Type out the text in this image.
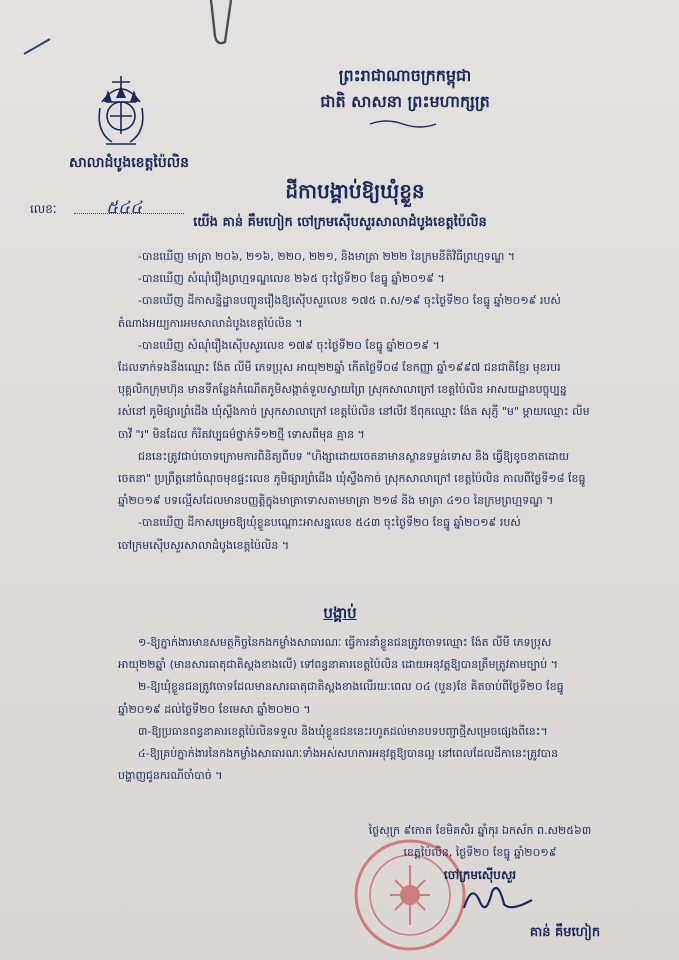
សាលាដំបូងខេត្តប៉ៃលិន
ព្រះរាជាណាចក្រកម្ពុជា
ជាតិ សាសនា ព្រះមហាក្សត្រ
លេខៈ	៥៤៤
ដីកាបង្គាប់ឱ្យឃុំខ្លួន
យើង គាន់ គឹមហៀក ចៅក្រមស៊ើបសួរសាលាដំបូងខេត្តប៉ៃលិន

-បានឃើញ មាត្រា ២០៦, ២១៦, ២២០, ២២១, និងមាត្រា ២២២ នៃក្រមនីតិវិធីព្រហ្មទណ្ឌ ។

-បានឃើញ សំណុំរឿងព្រហ្មទណ្ឌលេខ ២៦៥ ចុះថ្ងៃទី២០ ខែធ្នូ ឆ្នាំ២០១៩ ។

-បានឃើញ ដីកាសន្និដ្ឋានបញ្ជូនរឿងឱ្យស៊ើបសួរលេខ ១៧៥ ព.ស/១៩ ចុះថ្ងៃទី២០ ខែធ្នូ ឆ្នាំ២០១៩ របស់

តំណាងអយ្យការអមសាលាដំបូងខេត្តប៉ៃលិន ។

-បានឃើញ សំណុំរឿងស៊ើបសួរលេខ ១៧៩ ចុះថ្ងៃទី២០ ខែធ្នូ ឆ្នាំ២០១៩ ។

ដែលទាក់ទងនឹងឈ្មោះ ង៉ែត លីមី ភេទប្រុស អាយុ២២ឆ្នាំ កើតថ្ងៃទី០៨ ខែកញ្ញា ឆ្នាំ១៩៩៧ ជនជាតិខ្មែរ មុខរបរ

បុគ្គលិកក្រុមហ៊ុន មានទីកន្លែងកំណើតភូមិសង្កាត់ទួលស្វាយព្រៃ ស្រុកសាលាក្រៅ ខេត្តប៉ៃលិន អាសយដ្ឋានបច្ចុប្បន្ន

រស់នៅ ភូមិផ្សារព្រំដើង ឃុំស្ទឹងកាច់ ស្រុកសាលាក្រៅ ខេត្តប៉ៃលិន នៅលីវ ឪពុកឈ្មោះ ង៉ែត សុភ្ញី "ម" ម្ដាយឈ្មោះ លីម

ចាវី "រ" មិនដែល កំរិតវប្បធម៌ថ្នាក់ទី១២ថ្មី ទោសពីមុន គ្មាន ។

ជននេះត្រូវជាប់ចោទក្រោមការពិនិត្យពីបទ "ហិង្សាដោយចេតនាមានស្ថានទម្ងន់ទោស និង ធ្វើឱ្យខូចខាតដោយ

ចេតនា" ប្រព្រឹត្តនៅចំណុចមុខផ្ទះលេខ ភូមិផ្សារព្រំដើង ឃុំស្ទឹងកាច់ ស្រុកសាលាក្រៅ ខេត្តប៉ៃលិន កាលពីថ្ងៃទី១៨ ខែធ្នូ

ឆ្នាំ២០១៩ បទល្មើសដែលមានបញ្ញត្តិក្នុងមាត្រាទោសតាមមាត្រា ២១៨ និង មាត្រា ៤១០ នៃក្រមព្រហ្មទណ្ឌ ។

-បានឃើញ ដីកាសម្រេចឱ្យឃុំខ្លួនបណ្ដោះអាសន្នលេខ ៥៤៣ ចុះថ្ងៃទី២០ ខែធ្នូ ឆ្នាំ២០១៩ របស់

ចៅក្រមស៊ើបសួរសាលាដំបូងខេត្តប៉ៃលិន ។

បង្គាប់

១-ឱ្យភ្នាក់ងារមានសមត្ថកិច្ចនៃកងកម្លាំងសាធារណៈ ធ្វើការនាំខ្លួនជនត្រូវចោទឈ្មោះ ង៉ែត លីមី ភេទប្រុស

អាយុ២២ឆ្នាំ (មានសារធាតុជាតិស្ពងខាងលើ) ទៅពន្ធនាគារខេត្តប៉ៃលិន ដោយអនុវត្តឱ្យបានត្រឹមត្រូវតាមច្បាប់ ។

២-ឱ្យឃុំខ្លួនជនត្រូវចោទដែលមានសារធាតុជាតិស្ពងខាងលើរយៈពេល ០៤ (បួន)ខែ គិតចាប់ពីថ្ងៃទី២០ ខែធ្នូ

ឆ្នាំ២០១៩ ដល់ថ្ងៃទី២០ ខែមេសា ឆ្នាំ២០២០ ។

៣-ឱ្យប្រធានពន្ធនាគារខេត្តប៉ៃលិនទទួល និងឃុំខ្លួនជននេះរហូតដល់មានបទបញ្ជាថ្មីសម្រេចផ្សេងពីនេះ។

៤-ឱ្យគ្រប់ភ្នាក់ងារនៃកងកម្លាំងសាធារណៈទាំងអស់សហការអនុវត្តឱ្យបានល្អ នៅពេលដែលដីកានេះត្រូវបាន

បង្ហាញជូនករណីចាំបាច់ ។

ថ្ងៃសុក្រ ៩កោត ខែមិគសិរ ឆ្នាំកុរ ឯកស័ក ព.ស២៥៦៣
ខេត្តប៉ៃលិន, ថ្ងៃទី២០ ខែធ្នូ ឆ្នាំ២០១៩
ចៅក្រមស៊ើបសួរ
គាន់ គឹមហៀក
